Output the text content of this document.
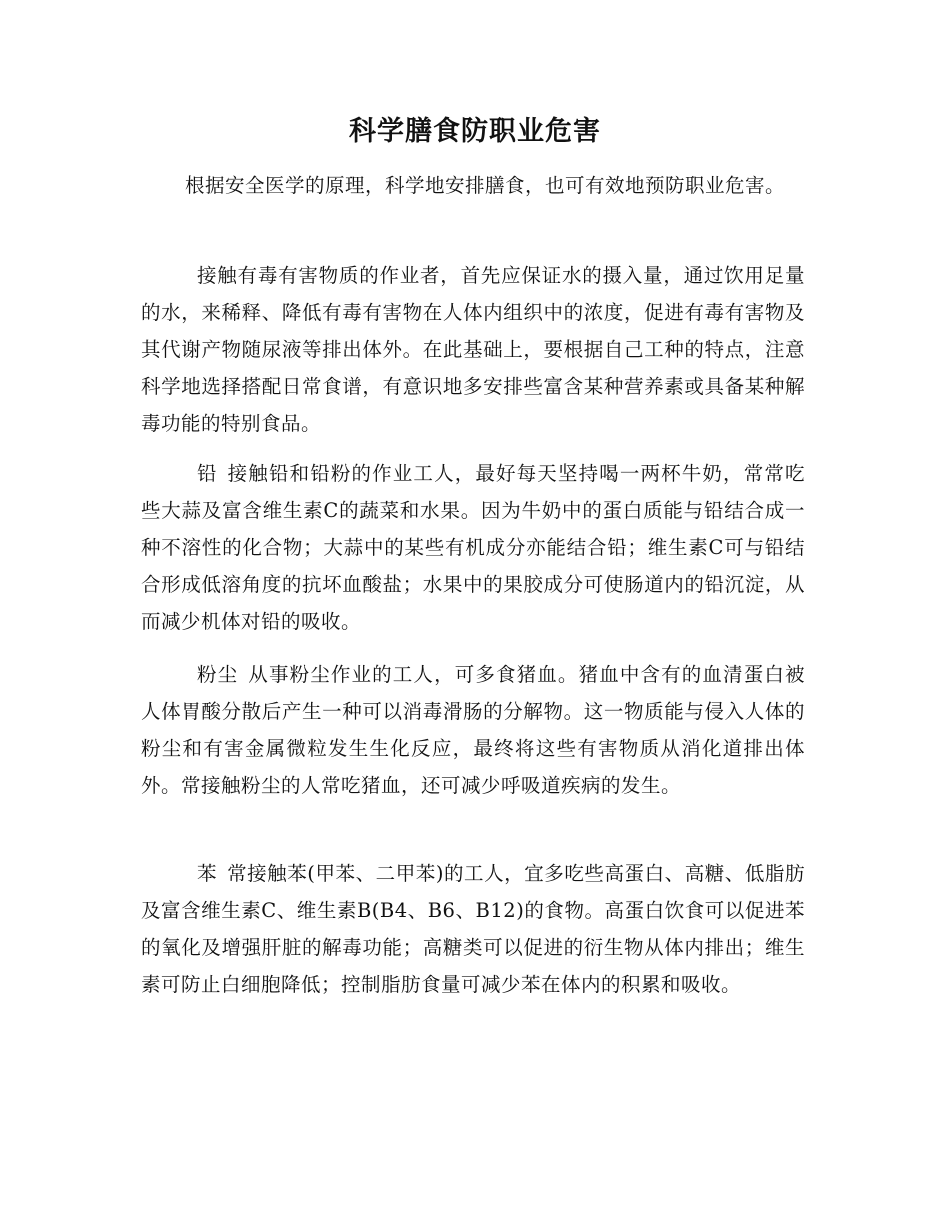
科学膳食防职业危害

根据安全医学的原理，科学地安排膳食，也可有效地预防职业危害。

接触有毒有害物质的作业者，首先应保证水的摄入量，通过饮用足量的水，来稀释、降低有毒有害物在人体内组织中的浓度，促进有毒有害物及其代谢产物随尿液等排出体外。在此基础上，要根据自己工种的特点，注意科学地选择搭配日常食谱，有意识地多安排些富含某种营养素或具备某种解毒功能的特别食品。

铅 接触铅和铅粉的作业工人，最好每天坚持喝一两杯牛奶，常常吃些大蒜及富含维生素C的蔬菜和水果。因为牛奶中的蛋白质能与铅结合成一种不溶性的化合物；大蒜中的某些有机成分亦能结合铅；维生素C可与铅结合形成低溶角度的抗坏血酸盐；水果中的果胶成分可使肠道内的铅沉淀，从而减少机体对铅的吸收。

粉尘 从事粉尘作业的工人，可多食猪血。猪血中含有的血清蛋白被人体胃酸分散后产生一种可以消毒滑肠的分解物。这一物质能与侵入人体的粉尘和有害金属微粒发生生化反应，最终将这些有害物质从消化道排出体外。常接触粉尘的人常吃猪血，还可减少呼吸道疾病的发生。

苯 常接触苯(甲苯、二甲苯)的工人，宜多吃些高蛋白、高糖、低脂肪及富含维生素C、维生素B(B4、B6、B12)的食物。高蛋白饮食可以促进苯的氧化及增强肝脏的解毒功能；高糖类可以促进的衍生物从体内排出；维生素可防止白细胞降低；控制脂肪食量可减少苯在体内的积累和吸收。
